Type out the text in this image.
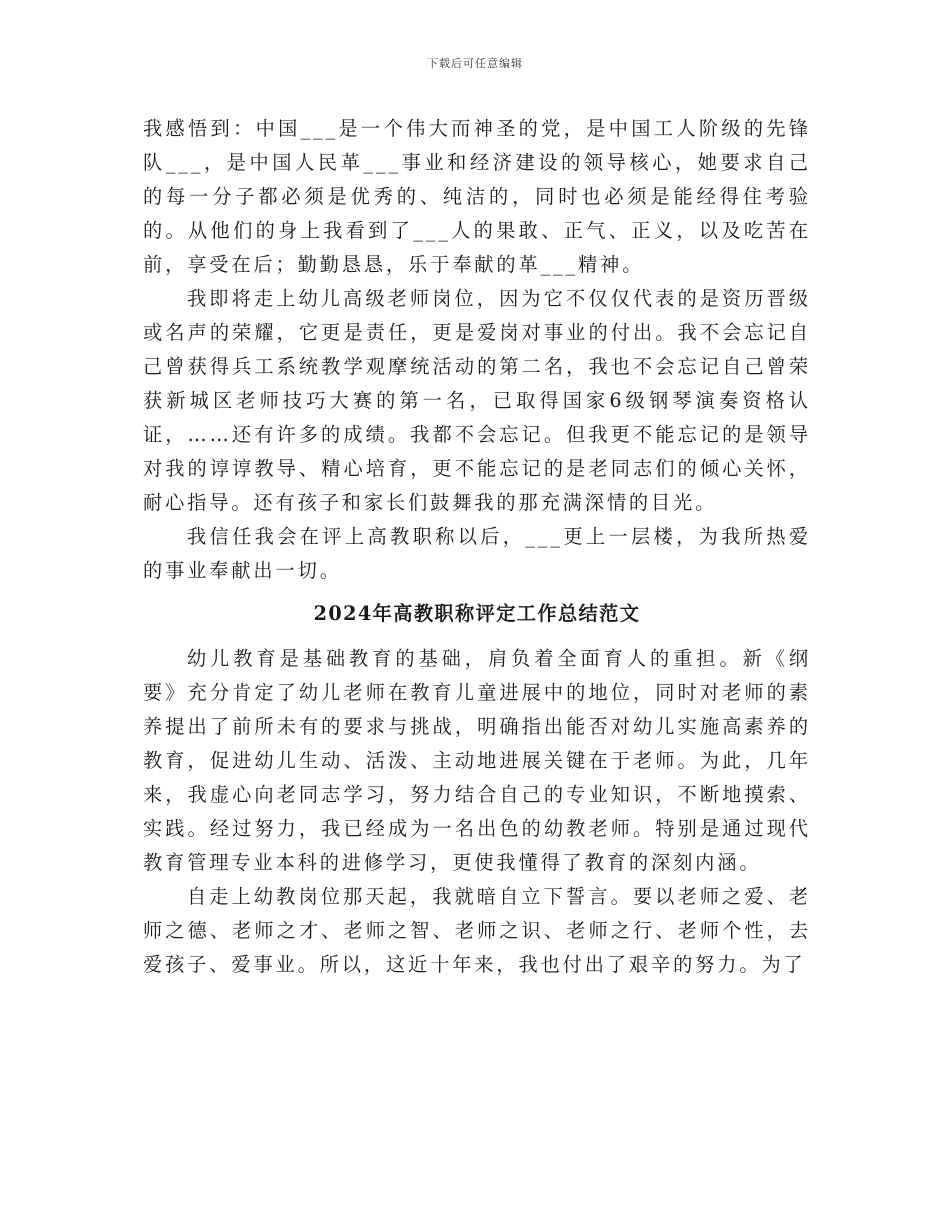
下载后可任意编辑

我感悟到：中国___是一个伟大而神圣的党，是中国工人阶级的先锋队___，是中国人民革___事业和经济建设的领导核心，她要求自己的每一分子都必须是优秀的、纯洁的，同时也必须是能经得住考验的。从他们的身上我看到了___人的果敢、正气、正义，以及吃苦在前，享受在后；勤勤恳恳，乐于奉献的革___精神。

我即将走上幼儿高级老师岗位，因为它不仅仅代表的是资历晋级或名声的荣耀，它更是责任，更是爱岗对事业的付出。我不会忘记自己曾获得兵工系统教学观摩统活动的第二名，我也不会忘记自己曾荣获新城区老师技巧大赛的第一名，已取得国家6级钢琴演奏资格认证，……还有许多的成绩。我都不会忘记。但我更不能忘记的是领导对我的谆谆教导、精心培育，更不能忘记的是老同志们的倾心关怀，耐心指导。还有孩子和家长们鼓舞我的那充满深情的目光。

我信任我会在评上高教职称以后，___更上一层楼，为我所热爱的事业奉献出一切。

2024年高教职称评定工作总结范文

幼儿教育是基础教育的基础，肩负着全面育人的重担。新《纲要》充分肯定了幼儿老师在教育儿童进展中的地位，同时对老师的素养提出了前所未有的要求与挑战，明确指出能否对幼儿实施高素养的教育，促进幼儿生动、活泼、主动地进展关键在于老师。为此，几年来，我虚心向老同志学习，努力结合自己的专业知识，不断地摸索、实践。经过努力，我已经成为一名出色的幼教老师。特别是通过现代教育管理专业本科的进修学习，更使我懂得了教育的深刻内涵。

自走上幼教岗位那天起，我就暗自立下誓言。要以老师之爱、老师之德、老师之才、老师之智、老师之识、老师之行、老师个性，去爱孩子、爱事业。所以，这近十年来，我也付出了艰辛的努力。为了
